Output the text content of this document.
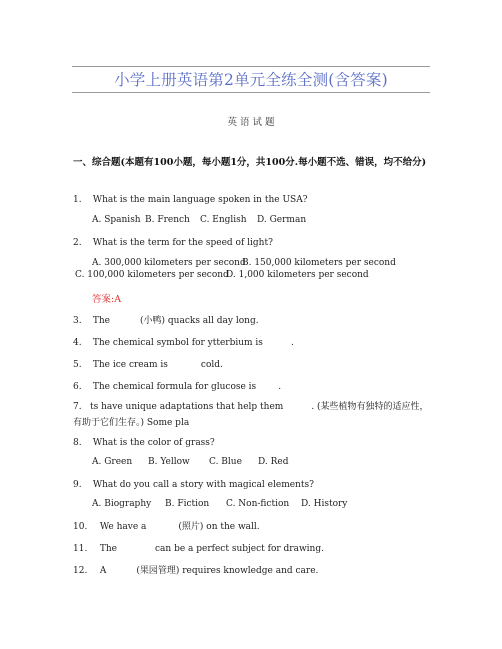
小学上册英语第2单元全练全测(含答案)
英 语 试 题
一、综合题(本题有100小题，每小题1分，共100分.每小题不选、错误，均不给分)
1. What is the main language spoken in the USA?
A. Spanish B. French C. English D. German
2. What is the term for the speed of light?
A. 300,000 kilometers per second
B. 150,000 kilometers per second
C. 100,000 kilometers per second
D. 1,000 kilometers per second
答案:A
3. The	(小鸭) quacks all day long.
4. The chemical symbol for ytterbium is	.
5. The ice cream is	cold.
6. The chemical formula for glucose is .
7. ts have unique adaptations that help them	. (某些植物有独特的适应性，有助于它们生存。) Some pla
8. What is the color of grass?
A. Green B. Yellow C. Blue D. Red
9. What do you call a story with magical elements?
A. Biography B. Fiction C. Non-fiction D. History
10. We have a	(照片) on the wall.
11. The	can be a perfect subject for drawing.
12. A	(果园管理) requires knowledge and care.
